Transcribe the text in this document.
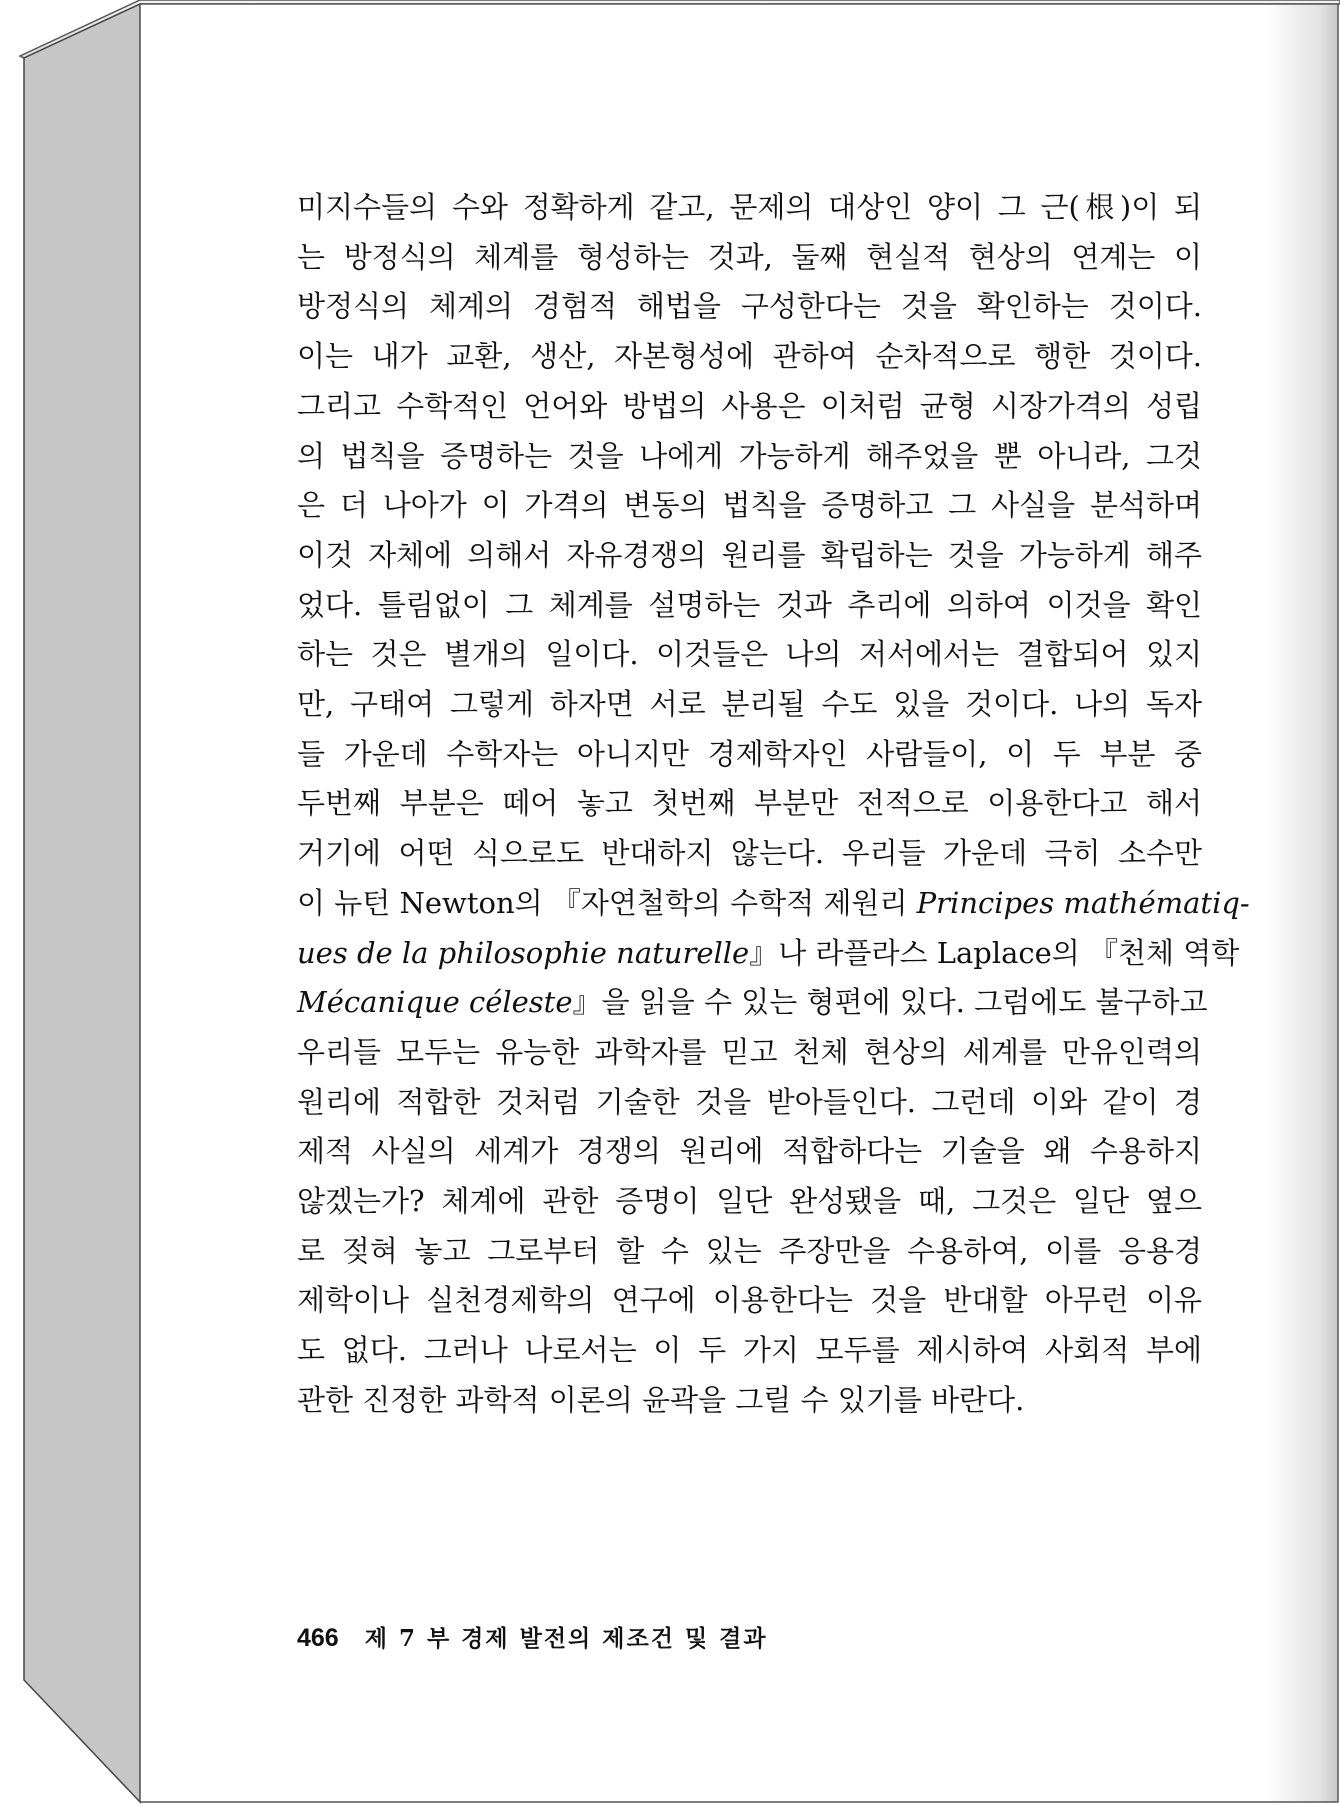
미지수들의 수와 정확하게 같고, 문제의 대상인 양이 그 근(根)이 되
는 방정식의 체계를 형성하는 것과, 둘째 현실적 현상의 연계는 이
방정식의 체계의 경험적 해법을 구성한다는 것을 확인하는 것이다.
이는 내가 교환, 생산, 자본형성에 관하여 순차적으로 행한 것이다.
그리고 수학적인 언어와 방법의 사용은 이처럼 균형 시장가격의 성립
의 법칙을 증명하는 것을 나에게 가능하게 해주었을 뿐 아니라, 그것
은 더 나아가 이 가격의 변동의 법칙을 증명하고 그 사실을 분석하며
이것 자체에 의해서 자유경쟁의 원리를 확립하는 것을 가능하게 해주
었다. 틀림없이 그 체계를 설명하는 것과 추리에 의하여 이것을 확인
하는 것은 별개의 일이다. 이것들은 나의 저서에서는 결합되어 있지
만, 구태여 그렇게 하자면 서로 분리될 수도 있을 것이다. 나의 독자
들 가운데 수학자는 아니지만 경제학자인 사람들이, 이 두 부분 중
두번째 부분은 떼어 놓고 첫번째 부분만 전적으로 이용한다고 해서
거기에 어떤 식으로도 반대하지 않는다. 우리들 가운데 극히 소수만
이 뉴턴 Newton의 『자연철학의 수학적 제원리 Principes mathématiq-
ues de la philosophie naturelle』나 라플라스 Laplace의 『천체 역학
Mécanique céleste』을 읽을 수 있는 형편에 있다. 그럼에도 불구하고
우리들 모두는 유능한 과학자를 믿고 천체 현상의 세계를 만유인력의
원리에 적합한 것처럼 기술한 것을 받아들인다. 그런데 이와 같이 경
제적 사실의 세계가 경쟁의 원리에 적합하다는 기술을 왜 수용하지
않겠는가? 체계에 관한 증명이 일단 완성됐을 때, 그것은 일단 옆으
로 젖혀 놓고 그로부터 할 수 있는 주장만을 수용하여, 이를 응용경
제학이나 실천경제학의 연구에 이용한다는 것을 반대할 아무런 이유
도 없다. 그러나 나로서는 이 두 가지 모두를 제시하여 사회적 부에
관한 진정한 과학적 이론의 윤곽을 그릴 수 있기를 바란다.
466 제 7 부 경제 발전의 제조건 및 결과
